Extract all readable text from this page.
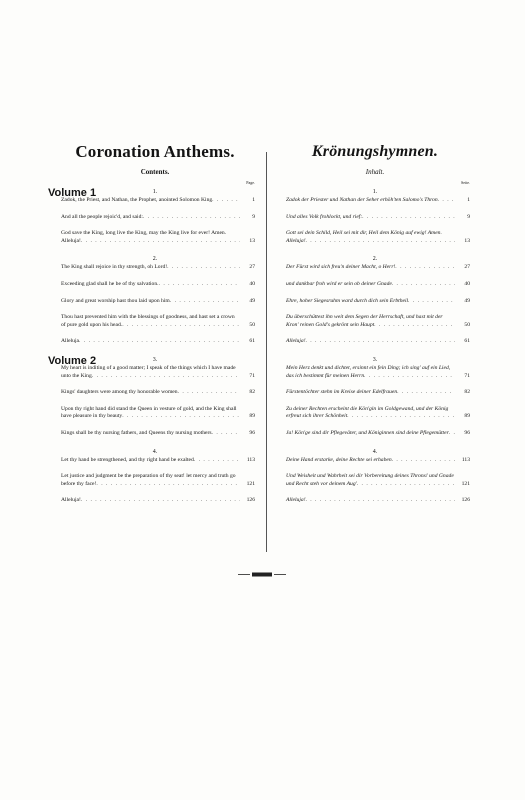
Coronation Anthems.
Contents.
Page.
Volume 1	1.
Zadok, the Priest, and Nathan, the Prophet, anointed Solomon King . . .	1
And all the people rejoic'd, and said: . . .	9
God save the King, long live the King, may the King live for ever! Amen. Alleluja! . . .	13
2.
The King shall rejoice in thy strength, oh Lord! . . .	27
Exceeding glad shall he be of thy salvation. . . .	40
Glory and great worship hast thou laid upon him . . .	49
Thou hast prevented him with the blessings of goodness, and hast set a crown of pure gold upon his head. . . .	50
Alleluja . . .	61
Volume 2	3.
My heart is inditing of a good matter; I speak of the things which I have made unto the King . . .	71
Kings' daughters were among thy honorable women . . .	82
Upon thy right hand did stand the Queen in vesture of gold, and the King shall have pleasure in thy beauty . . .	89
Kings shall be thy nursing fathers, and Queens thy nursing mothers . . .	96
4.
Let thy hand be strengthened, and thy right hand be exalted . . .	113
Let justice and judgment be the preparation of thy seat! let mercy and truth go before thy face! . . .	121
Alleluja! . . .	126
Krönungshymnen.
Inhalt.
Seite.
1.
Zadok der Priester und Nathan der Seher erhöh'ten Salomo's Thron . . .	1
Und alles Volk frohlockt, und rief: . . .	9
Gott sei dein Schild, Heil sei mit dir, Heil dem König auf ewig! Amen. Alleluja! . . .	13
2.
Der Fürst wird sich freu'n deiner Macht, o Herr! . . .	27
und dankbar froh wird er sein ob deiner Gnade . . .	40
Ehre, hoher Siegesruhm ward durch dich sein Erbtheil . . .	49
Du überschüttest ihn weit dem Segen der Herrschaft, und hast mit der Kron' reinen Gold's gekrönt sein Haupt . . .	50
Alleluja! . . .	61
3.
Mein Herz denkt und dichtet, ersinnt ein fein Ding; ich sing' auf ein Lied, das ich bestimmt für meinen Herrn . . .	71
Fürstentöchter stehn im Kreise deiner Edelfrauen . . .	82
Zu deiner Rechten erscheint die Kön'gin im Goldgewand, und der König erfreut sich ihrer Schönheit . . .	89
Ja! Kön'ge sind dir Pflegeväter, und Königinnen sind deine Pflegemütter . . .	96
4.
Deine Hand erstarke, deine Rechte sei erhaben . . .	113
Und Weisheit und Wahrheit sei dir Vorbereitung deines Throns! und Gnade und Recht steh vor deinem Aug' . . .	121
Alleluja! . . .	126
